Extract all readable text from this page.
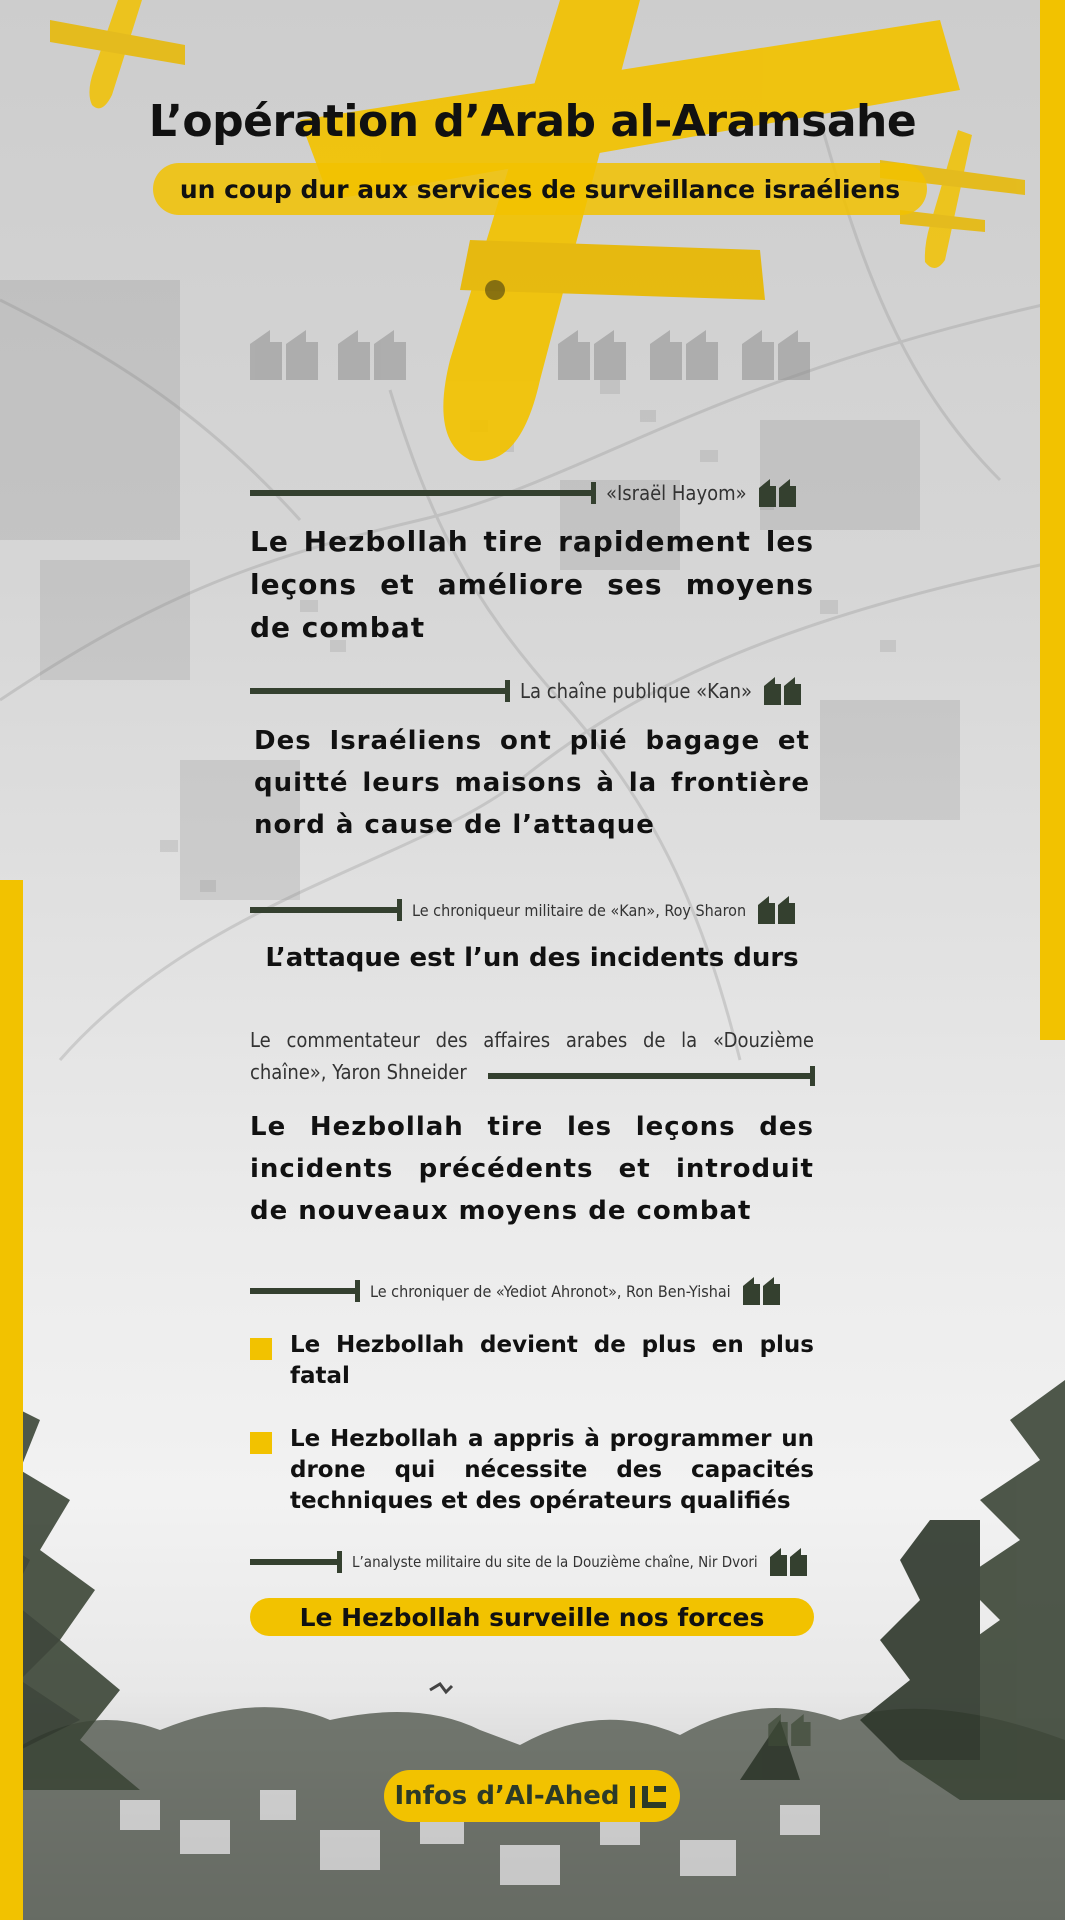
L’opération d’Arab al-Aramsahe
un coup dur aux services de surveillance israéliens
«Israël Hayom»
Le Hezbollah tire rapidement les leçons et améliore ses moyens de combat
La chaîne publique «Kan»
Des Israéliens ont plié bagage et quitté leurs maisons à la frontière nord à cause de l’attaque
Le chroniqueur militaire de «Kan», Roy Sharon
L’attaque est l’un des incidents durs
Le commentateur des affaires arabes de la «Douzième chaîne», Yaron Shneider
Le Hezbollah tire les leçons des incidents précédents et introduit de nouveaux moyens de combat
Le chroniquer de «Yediot Ahronot», Ron Ben-Yishai
Le Hezbollah devient de plus en plus fatal
Le Hezbollah a appris à programmer un drone qui nécessite des capacités techniques et des opérateurs qualifiés
L’analyste militaire du site de la Douzième chaîne, Nir Dvori
Le Hezbollah surveille nos forces
Infos d’Al-Ahed
